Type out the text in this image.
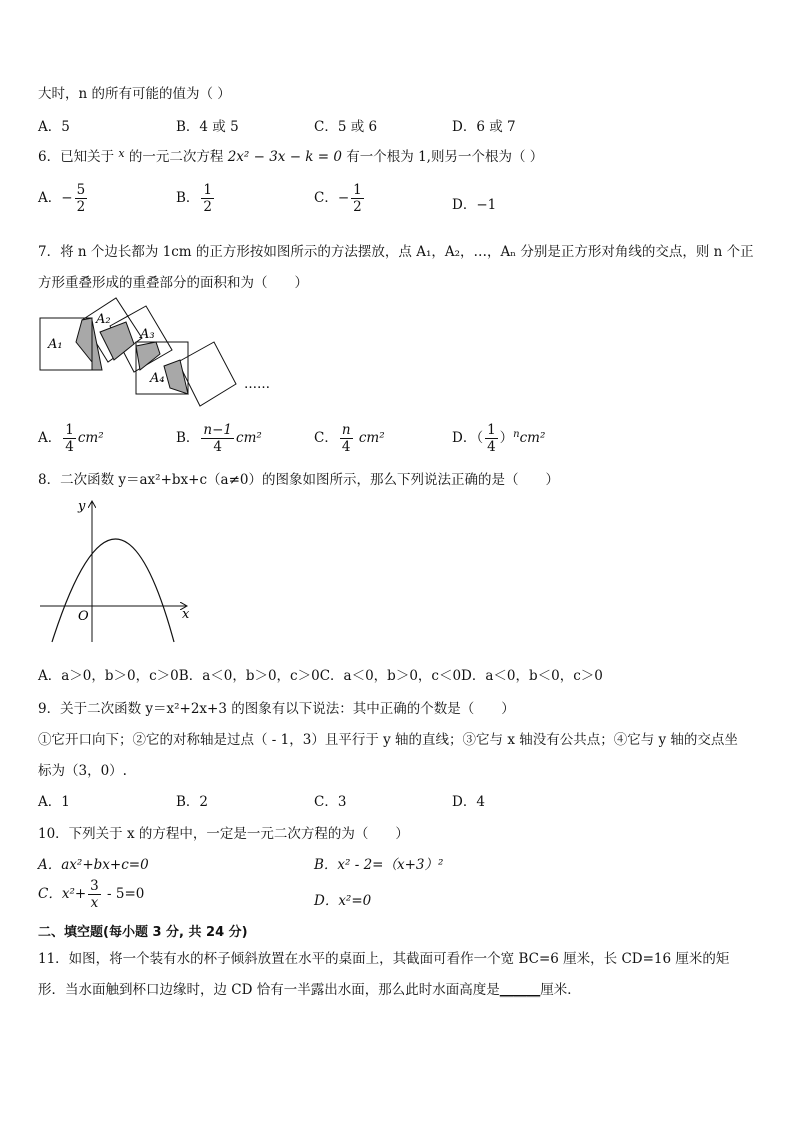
大时，n 的所有可能的值为（ ）
A．5	B．4 或 5	C．5 或 6	D．6 或 7
6．已知关于 $^x$ 的一元二次方程 2x² − 3x − k = 0 有一个根为 1,则另一个根为（ ）
A．− $\frac{5}{2}$	B． $\frac{1}{2}$	C．− $\frac{1}{2}$	D．−1
7．将 n 个边长都为 1cm 的正方形按如图所示的方法摆放，点 A₁，A₂，…，Aₙ 分别是正方形对角线的交点，则 n 个正
方形重叠形成的重叠部分的面积和为（　　）
A₁
A₂
A₃
A₄	……
A． $\frac{1}{4} cm^2$	B． $\frac{n-1}{4} cm^2$	C． $\frac{n}{4} cm^2$	D．（ $\frac{1}{4} )^ncm^2$
8．二次函数 y＝ax²+bx+c（a≠0）的图象如图所示，那么下列说法正确的是（　　）
y
x
O
A．a＞0，b＞0，c＞0B．a＜0，b＞0，c＞0C．a＜0，b＞0，c＜0D．a＜0，b＜0，c＞0
9．关于二次函数 y＝x²+2x+3 的图象有以下说法：其中正确的个数是（　　）
①它开口向下；②它的对称轴是过点（ - 1，3）且平行于 y 轴的直线；③它与 x 轴没有公共点；④它与 y 轴的交点坐
标为（3，0）.
A．1	B．2	C．3	D．4
10．下列关于 x 的方程中，一定是一元二次方程的为（　　）
A．ax²+bx+c=0	B．x² - 2=（x+3）²
C．$x^2+ \frac{3}{x} - 5=0$	D．x²=0
二、填空题(每小题 3 分, 共 24 分)
11．如图，将一个装有水的杯子倾斜放置在水平的桌面上，其截面可看作一个宽 BC=6 厘米，长 CD=16 厘米的矩
形．当水面触到杯口边缘时，边 CD 恰有一半露出水面，那么此时水面高度是______厘米．
